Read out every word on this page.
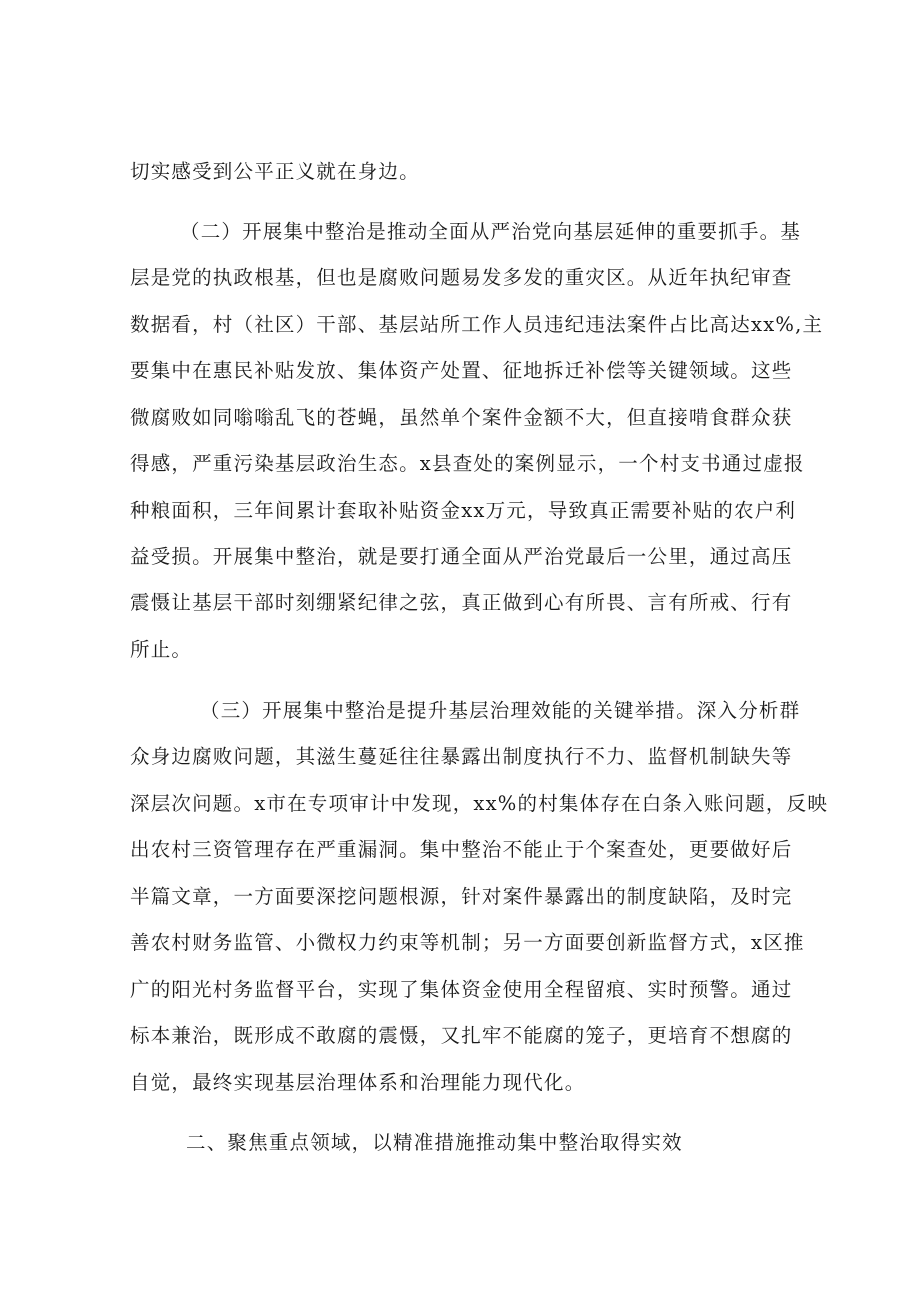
切实感受到公平正义就在身边。
（二）开展集中整治是推动全面从严治党向基层延伸的重要抓手。基
层是党的执政根基，但也是腐败问题易发多发的重灾区。从近年执纪审查
数据看，村（社区）干部、基层站所工作人员违纪违法案件占比高达xx%,主
要集中在惠民补贴发放、集体资产处置、征地拆迁补偿等关键领域。这些
微腐败如同嗡嗡乱飞的苍蝇，虽然单个案件金额不大，但直接啃食群众获
得感，严重污染基层政治生态。x县查处的案例显示，一个村支书通过虚报
种粮面积，三年间累计套取补贴资金xx万元，导致真正需要补贴的农户利
益受损。开展集中整治，就是要打通全面从严治党最后一公里，通过高压
震慑让基层干部时刻绷紧纪律之弦，真正做到心有所畏、言有所戒、行有
所止。
（三）开展集中整治是提升基层治理效能的关键举措。深入分析群
众身边腐败问题，其滋生蔓延往往暴露出制度执行不力、监督机制缺失等
深层次问题。x市在专项审计中发现，xx%的村集体存在白条入账问题，反映
出农村三资管理存在严重漏洞。集中整治不能止于个案查处，更要做好后
半篇文章，一方面要深挖问题根源，针对案件暴露出的制度缺陷，及时完
善农村财务监管、小微权力约束等机制；另一方面要创新监督方式，x区推
广的阳光村务监督平台，实现了集体资金使用全程留痕、实时预警。通过
标本兼治，既形成不敢腐的震慑，又扎牢不能腐的笼子，更培育不想腐的
自觉，最终实现基层治理体系和治理能力现代化。
二、聚焦重点领域，以精准措施推动集中整治取得实效
